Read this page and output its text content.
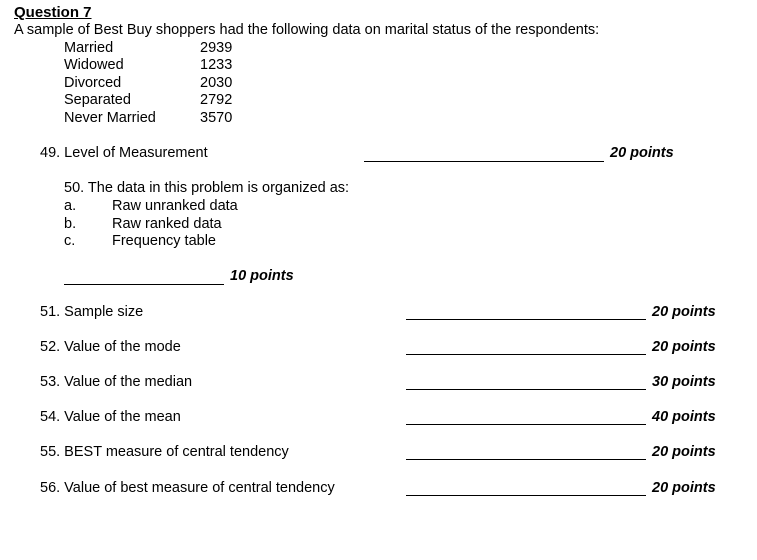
Question 7
A sample of Best Buy shoppers had the following data on marital status of the respondents:
Married	2939
Widowed	1233
Divorced	2030
Separated	2792
Never Married	3570
49. Level of Measurement	20 points
50. The data in this problem is organized as:
a. Raw unranked data
b. Raw ranked data
c.	Frequency table
10 points
51. Sample size	20 points
52. Value of the mode	20 points
53. Value of the median	30 points
54. Value of the mean	40 points
55. BEST measure of central tendency	20 points
56. Value of best measure of central tendency	20 points
